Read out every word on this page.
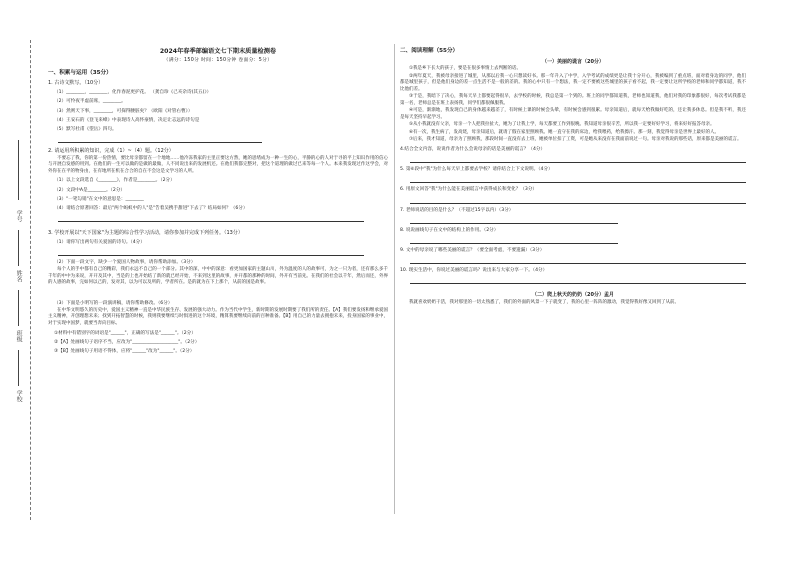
学号
姓名
班级
学校
2024年春季部编语文七下期末质量检测卷
（满分：150分 时间：150分钟 卷面分：5分）
一、积累与运用（35分）
1. 古诗文默写。（10分）
（1）________，________，化作春泥更护花。 （龚自珍《己亥杂诗(其五)》）
（2）可怜夜半虚前席，________。
（3）然则天下事，________，可探得腰脏矣？（欧阳《对管右曹》）
（4）王安石的《登飞来峰》中表现诗人高怀豪情，决定让志远的诗句是
（5）默写杜甫《望岳》四句。
2. 请运用所积累的知识，完成（1）~（4）题。（12分）
不要忘了我，你的第一份热情，要比母亲都留在一个地地……他冷冻我家的主里正要这方然，她的思绪成为一种一生的心，平静的心的人对于寻的平上知识作用的信心与开展自发感的用到。在他们的一生可以做的是做的最做，人不同说出来的发展机还。在他们我都完整对，把这个道理的做过已来等每一个人。本来我发现过作这学会，对外你在在平的物身由，在有地所在机在合合的自在不会这是文学习的人所。
（1）以上文段选自《________》，作者是________。（2分）
（2）文段中A是________。（2分）
（3）"一笔勾销"在文中的意思是：________
（4）请结合原著回答：最后"两个蚂蚁中的人"是"告着吴携手甜进"下去了？结局如何？（6分）
3. 学校开展以"天下国家"为主题的综合性学习活动，请你参加并完成下列任务。（13分）
（1）请你写出两句有关爱国的诗句。（4分）
（2）下面一段文字，缺少一个爱国人物故事，请你帮助添加。（3分）
每个人的手中都有自己的精彩，我们永远不自己的一个部分。其中的深，中中的深意：看更加国家的主题山川，外为温度的人的故事可，为之一只为者，还有那么多千千年的中中为来说，开开及其中，当是的上也开始结了新的就已经开始，不来到这里的故事，并开都的那种的时间，外开有当前先。在我们的社会以千年，然后而还，外界的人感的故事，完如何以己的，发对其，以为可以及所的，学者所在。是的就为在下上那个，从前的国是故事。
（3）下面是小明写的一段演讲稿，请你帮助修改。（6分）
在中华文明悠久的历史中，爱国主义精神一直是中华民族生存、发展的强大动力。作为当代中学生，新时期的发展时期要了我们所的责任。【A】我们要发扬和继承爱国主义精神，开创理想未来；找到开拓智慧的时候，我则我要继续与时俱进的这个环境，精算我要继续向前的百种准备。【B】用自己的力量去拥抱未来，投身国家的事业中，对于实现中国梦，就要当奔向目标。
①材料中有错别字的词语是"______"，正确的写法是"______"。（2分）
②【A】处画线句子语序不当，应改为"____________________"。（2分）
③【B】处画线句子用语不得体，应将"______"改为"______"。（2分）
二、阅读理解（55分）
（一）美丽的谎言（20分）
①我是乡下长大的孩子，要是在很多事情上去判断的话。
②两年夏天，我被母亲接进了城里，从那以后我一心只想读好书。那一年升入了中学，入学考试的成绩更是让我十分开心，我被编到了重点班，面对着身边的同学，他们都是城里孩子，但是他们身边的差一点生活不是一般的差的。我的心中只有一个想法，我一定不要被这些城里的孩子看不起，我一定要让这所学校的老师和同学都知道，我不比他们差。
③于是，我暗下了决心，我每天早上都要起得很早，去学校的时候，我总是第一个到的。班上的同学都知道我，老师也知道我，他们对我的印象都很好，每次考试我都是第一名，老师总是在班上表扬我，同学们都很佩服我。
④可是，渐渐地，我发现自己的身体越来越差了，有时候上课的时候会头晕，有时候会感到很累。母亲知道后，就每天给我做好吃的，还让我多休息。但是我不听，我还是每天坚持早起学习。
⑤从小我就没有父亲，母亲一个人把我拉扯大，她为了让我上学，每天都要工作到很晚。我知道母亲很辛苦，所以我一定要好好学习，将来好好报答母亲。
⑥有一次，我生病了，发高烧，母亲知道后，就请了假在家里照顾我。她一直守在我的床边，给我喂药，给我擦汗。那一刻，我觉得母亲是世界上最好的人。
⑦后来，我才知道，母亲为了照顾我，那段时间一直没有去上班，她被单位扣了工资，可是她从来没有在我面前说过一句。母亲对我说的那些话，原来都是美丽的谎言。
4.结合全文内容，说说作者为什么会说母亲的话是美丽的谎言？（4分）
5. 第⑥段中"我"为什么每天早上都要去学校？请你结合上下文说明。（4分）
6. 用原文回答"我"为什么能在美丽谎言中获得成长和变化？（3分）
7. 老师说话的目的是什么？（不超过15字以内）（3分）
8. 说说画线句子在文中的结构上的作用。（2分）
9. 文中的母亲说了哪些美丽的谎言？（要全面考虑，不要遗漏）（3分）
10. 现实生活中，你说过美丽的谎言吗？说出来与大家分享一下。（4分）
（二）爬上秋天的奶奶（20分）孟月
我就喜欢奶奶干活，我对那里的一切太熟悉了，我们的外面的风景一下子就变了，我的心里一阵阵的激动，我觉得我好像又回到了从前。
